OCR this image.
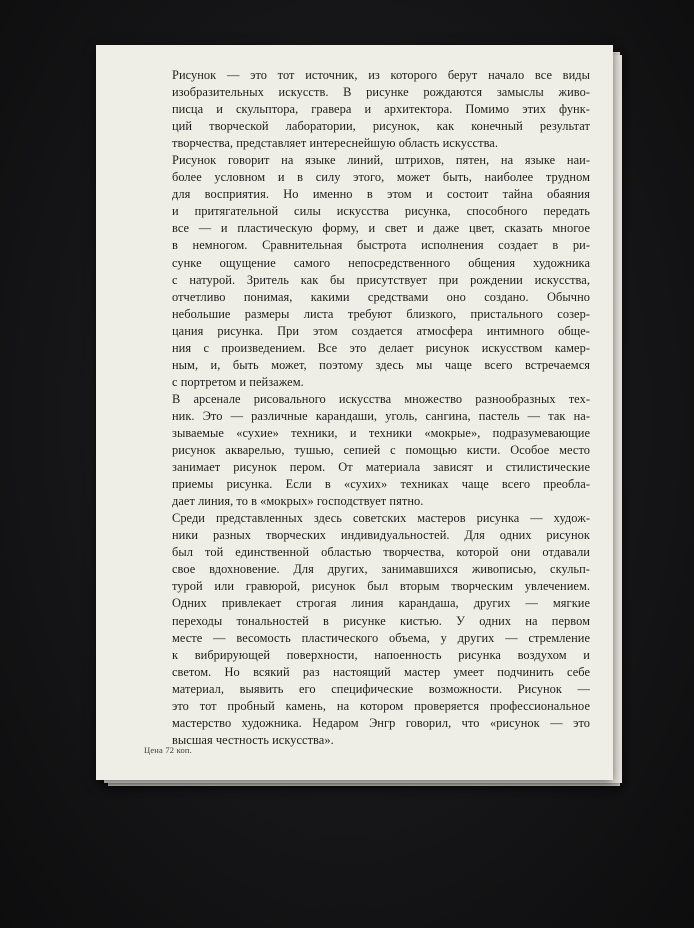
Рисунок — это тот источник, из которого берут начало все виды
изобразительных искусств. В рисунке рождаются замыслы живо-
писца и скульптора, гравера и архитектора. Помимо этих функ-
ций творческой лаборатории, рисунок, как конечный результат
творчества, представляет интереснейшую область искусства.

Рисунок говорит на языке линий, штрихов, пятен, на языке наи-
более условном и в силу этого, может быть, наиболее трудном
для восприятия. Но именно в этом и состоит тайна обаяния
и притягательной силы искусства рисунка, способного передать
все — и пластическую форму, и свет и даже цвет, сказать многое
в немногом. Сравнительная быстрота исполнения создает в ри-
сунке ощущение самого непосредственного общения художника
с натурой. Зритель как бы присутствует при рождении искусства,
отчетливо понимая, какими средствами оно создано. Обычно
небольшие размеры листа требуют близкого, пристального созер-
цания рисунка. При этом создается атмосфера интимного обще-
ния с произведением. Все это делает рисунок искусством камер-
ным, и, быть может, поэтому здесь мы чаще всего встречаемся
с портретом и пейзажем.

В арсенале рисовального искусства множество разнообразных тех-
ник. Это — различные карандаши, уголь, сангина, пастель — так на-
зываемые «сухие» техники, и техники «мокрые», подразумевающие
рисунок акварелью, тушью, сепией с помощью кисти. Особое место
занимает рисунок пером. От материала зависят и стилистические
приемы рисунка. Если в «сухих» техниках чаще всего преобла-
дает линия, то в «мокрых» господствует пятно.

Среди представленных здесь советских мастеров рисунка — худож-
ники разных творческих индивидуальностей. Для одних рисунок
был той единственной областью творчества, которой они отдавали
свое вдохновение. Для других, занимавшихся живописью, скульп-
турой или гравюрой, рисунок был вторым творческим увлечением.
Одних привлекает строгая линия карандаша, других — мягкие
переходы тональностей в рисунке кистью. У одних на первом
месте — весомость пластического объема, у других — стремление
к вибрирующей поверхности, напоенность рисунка воздухом и
светом. Но всякий раз настоящий мастер умеет подчинить себе
материал, выявить его специфические возможности. Рисунок —
это тот пробный камень, на котором проверяется профессиональное
мастерство художника. Недаром Энгр говорил, что «рисунок — это
высшая честность искусства».

Цена 72 коп.
